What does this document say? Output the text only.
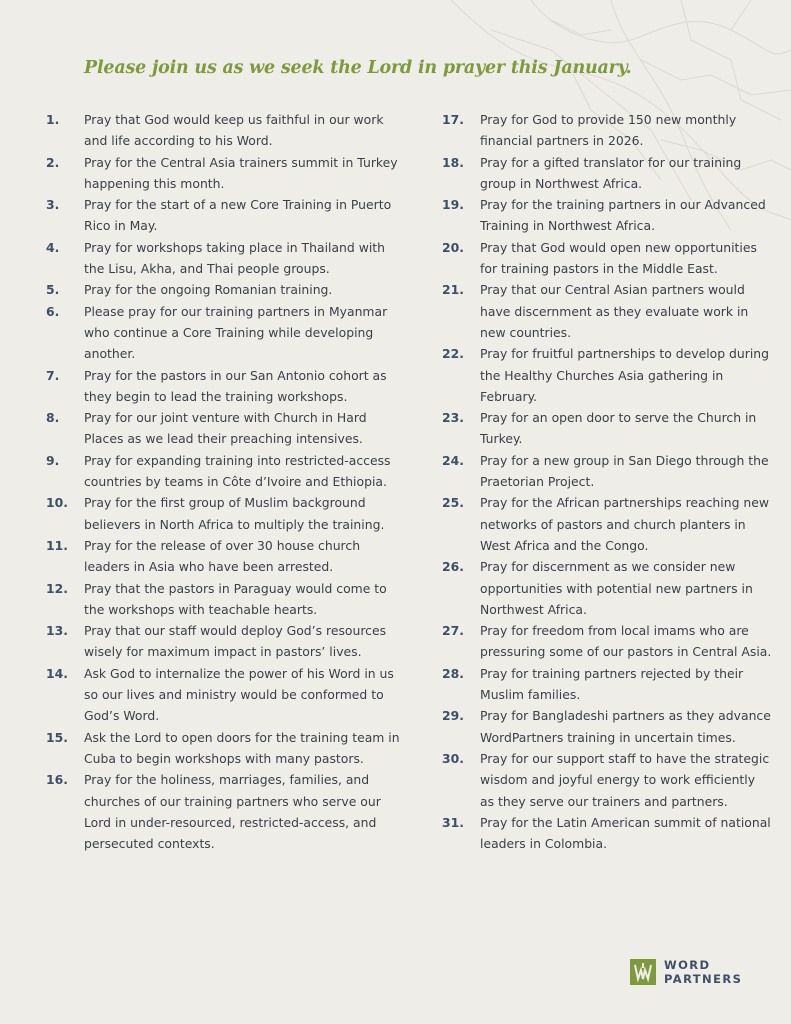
Please join us as we seek the Lord in prayer this January.
1.	Pray that God would keep us faithful in our work and life according to his Word.
2.	Pray for the Central Asia trainers summit in Turkey happening this month.
3.	Pray for the start of a new Core Training in Puerto Rico in May.
4.	Pray for workshops taking place in Thailand with the Lisu, Akha, and Thai people groups.
5.	Pray for the ongoing Romanian training.
6.	Please pray for our training partners in Myanmar who continue a Core Training while developing another.
7.	Pray for the pastors in our San Antonio cohort as they begin to lead the training workshops.
8.	Pray for our joint venture with Church in Hard Places as we lead their preaching intensives.
9.	Pray for expanding training into restricted-access countries by teams in Côte d’Ivoire and Ethiopia.
10.	Pray for the first group of Muslim background believers in North Africa to multiply the training.
11.	Pray for the release of over 30 house church leaders in Asia who have been arrested.
12.	Pray that the pastors in Paraguay would come to the workshops with teachable hearts.
13.	Pray that our staff would deploy God’s resources wisely for maximum impact in pastors’ lives.
14.	Ask God to internalize the power of his Word in us so our lives and ministry would be conformed to God’s Word.
15.	Ask the Lord to open doors for the training team in Cuba to begin workshops with many pastors.
16.	Pray for the holiness, marriages, families, and churches of our training partners who serve our Lord in under-resourced, restricted-access, and persecuted contexts.
17.	Pray for God to provide 150 new monthly financial partners in 2026.
18.	Pray for a gifted translator for our training group in Northwest Africa.
19.	Pray for the training partners in our Advanced Training in Northwest Africa.
20.	Pray that God would open new opportunities for training pastors in the Middle East.
21.	Pray that our Central Asian partners would have discernment as they evaluate work in new countries.
22.	Pray for fruitful partnerships to develop during the Healthy Churches Asia gathering in February.
23.	Pray for an open door to serve the Church in Turkey.
24.	Pray for a new group in San Diego through the Praetorian Project.
25.	Pray for the African partnerships reaching new networks of pastors and church planters in West Africa and the Congo.
26.	Pray for discernment as we consider new opportunities with potential new partners in Northwest Africa.
27.	Pray for freedom from local imams who are pressuring some of our pastors in Central Asia.
28.	Pray for training partners rejected by their Muslim families.
29.	Pray for Bangladeshi partners as they advance WordPartners training in uncertain times.
30.	Pray for our support staff to have the strategic wisdom and joyful energy to work efficiently as they serve our trainers and partners.
31.	Pray for the Latin American summit of national leaders in Colombia.
WORD
PARTNERS
